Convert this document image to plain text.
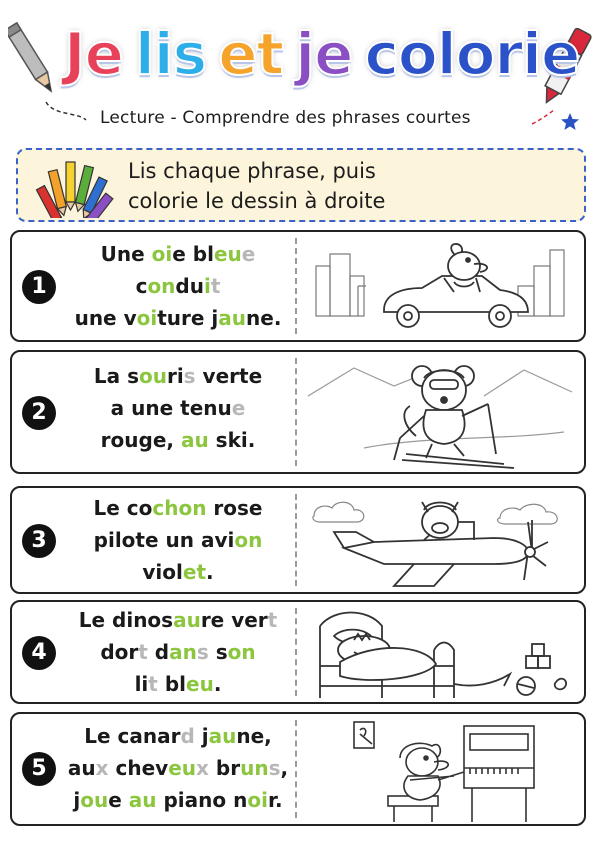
Je lis et je colorie
Lecture - Comprendre des phrases courtes
Lis chaque phrase, puis
colorie le dessin à droite
1
Une oie bleue
conduit
une voiture jaune.
2
La souris verte
a une tenue
rouge, au ski.
3
Le cochon rose
pilote un avion
violet.
4
Le dinosaure vert
dort dans son
lit bleu.
5
Le canard jaune,
aux cheveux bruns,
joue au piano noir.
